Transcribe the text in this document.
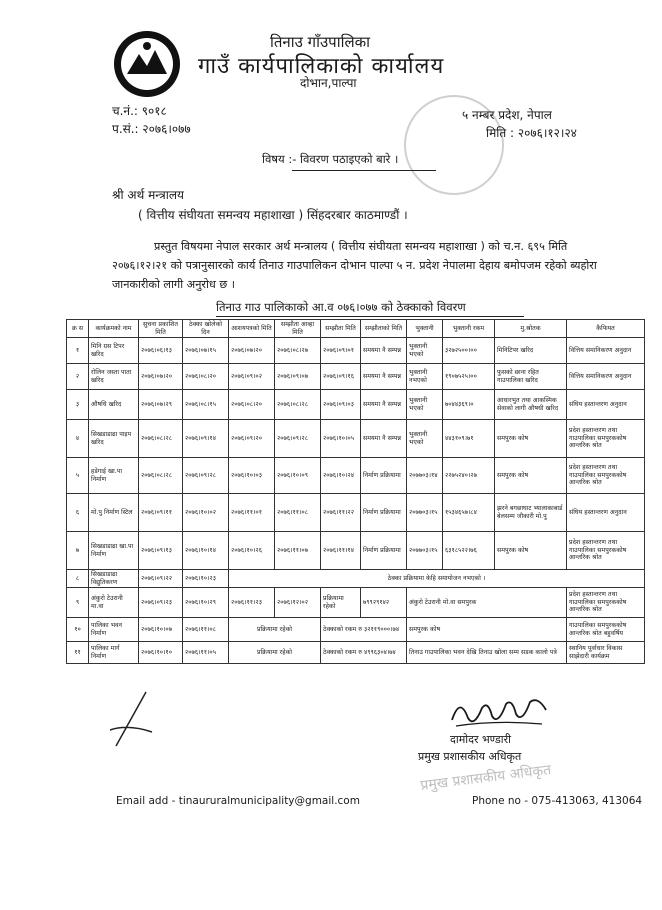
तिनाउ गाँउपालिका
गाउँ कार्यपालिकाको कार्यालय
दोभान,पाल्पा
च.नं.: ९०१८
प.सं.: २०७६।०७७
५ नम्बर प्रदेश, नेपाल
मिति : २०७६।१२।२४
विषय :- विवरण पठाइएको बारे ।
श्री अर्थ मन्त्रालय
( वित्तीय संघीयता समन्वय महाशाखा ) सिंहदरबार काठमाण्डौं ।
प्रस्तुत विषयमा नेपाल सरकार अर्थ मन्त्रालय ( वित्तीय संघीयता समन्वय महाशाखा ) को च.न. ६९५ मिति
२०७६।१२।२१ को पत्रानुसारको कार्य तिनाउ गाउपालिकन दोभान पाल्पा ५ न. प्रदेश नेपालमा देहाय बमोपजम रहेको ब्यहोरा
जानकारीको लागी अनुरोध छ ।
तिनाउ गाउ पालिकाको आ.व ०७६।०७७ को ठेक्काको विवरण
क्र स	कार्यक्रमको नाम	सुचना प्रकाशित मिति	ठेक्का खोलेको दिन	आशयपत्रको मिति	सम्झौता आव्हा मिति	सम्झौता मिति	सम्झौताको मिति	भुक्तानी	भुक्तानी रकम	मु.स्रोतक	कैफियत
१	मिनि ग्रस टिपर खरिद	२०७६।०६।१३	२०७६।०७।१५	२०७६।०७।२०	२०७६।०८।२७	२०७६।०९।०१	समयमा नै सम्पन्न	भुक्तानी भएको	३२७२५००।००	मिनिटिपर खरिद	वित्तिय समानिकरण अनुदान
२	रोलिन जस्ता पाता खरिद	२०७६।०७।२०	२०७६।०८।२०	२०७६।०९।०२	२०७६।०९।०७	२०७६।०९।१६	समयमा नै सम्पन्न	भुक्तानी नभएको	१९०७५२५।००	फुसको छाना रहित गाउपालिका खरिद	वित्तिय समानिकरण अनुदान
३	औषधि खरिद	२०७६।०७।२९	२०७६।०८।१५	२०७६।०८।२०	२०७६।०८।२८	२०७६।०९।०३	समयमा नै सम्पन्न	भुक्तानी भएको	७०४४३६९।०	आधारभुत तथा आकस्मिक सेवाको लागी औषधी खरिद	संघिय हस्तान्तरण अनुदान
४	सिखडाडाढा पाइप खरिद	२०७६।०८।२८	२०७६।०९।१४	२०७६।०९।२०	२०७६।०९।२८	२०७६।१०।०५	समयमा नै सम्पन्न	भुक्तानी भएको	४४३१०९।७१	समपुरक कोष	प्रदेश हस्तान्तरण तथा गाउपालिका समपुरककोष आन्तरिक श्रोत
५	हडेगाई खा.पा निर्माण	२०७६।०८।२८	२०७६।०९।२८	२०७६।१०।०३	२०७६।१०।०९	२०७६।१०।२४	निर्माण प्रक्रियामा	२०७७०३।१४	२२७५२४०।२७	समपुरक कोष	प्रदेश हस्तान्तरण तथा गाउपालिका समपुरककोष आन्तरिक श्रोत
६	मो.पु निर्माण स्टिल	२०७६।०९।११	२०७६।१०।०२	२०७६।११।०१	२०७६।११।०८	२०७६।११।२२	निर्माण प्रक्रियामा	२०७७०३।१५	१५३४६५७।८४	झरने बगछाघाट भ्यालाकाबार्ड बेलसम्म जौकारी मो.पु	संघिय हस्तान्तरण अनुदान
७	सिखडाडाढा खा.पा निर्माण	२०७६।०९।१३	२०७६।१०।१४	२०७६।१०।२६	२०७६।११।०७	२०७६।११।१४	निर्माण प्रक्रियामा	२०७७०३।१५	६३१८५२२।७६	समपुरक कोष	प्रदेश हस्तान्तरण तथा गाउपालिका समपुरककोष आन्तरिक श्रोत
८	सिखडाडाढा विद्युतिकरण	२०७६।०९।२२	२०७६।१०।२३	ठेक्का प्रक्रियामा केहि समायोजन नभएको ।							
९	अंकुरो टेउरानी मा.वा	२०७६।०९।२३	२०७६।१०।२९	२०७६।११।२३	२०७६।१२।०२	प्रक्रियामा रहेको	७९९२९१४२	अंकुरो टेउरानी मो.वा समपुरक			प्रदेश हस्तान्तरण तथा गाउपालिका समपुरककोष आन्तरिक श्रोत
१०	पालिका भवन निर्माण	२०७६।१०।०७	२०७६।११।०८	प्रक्रियामा रहेको		ठेक्काको रकम रु ३२११९०००।७४		समपुरक कोष			गाउपालिका समपुरककोष आन्तरिक श्रोत बहुवर्षिय
११	पालिका मार्ग निर्माण	२०७६।१०।१०	२०७६।११।०५	प्रक्रियामा रहेको		ठेक्काको रकम रु ४९९६३०४।७४		तिनाउ गाउपालिका भवन देखि तिनाउ खोला सम्म सडक कालो पत्रे			स्थानिय पूर्वाधार विकास साझेदारी कार्यक्रम
दामोदर भण्डारी
प्रमुख प्रशासकीय अधिकृत
प्रमुख प्रशासकीय अधिकृत
Email add - tinaururalmunicipality@gmail.com	Phone no - 075-413063, 413064
